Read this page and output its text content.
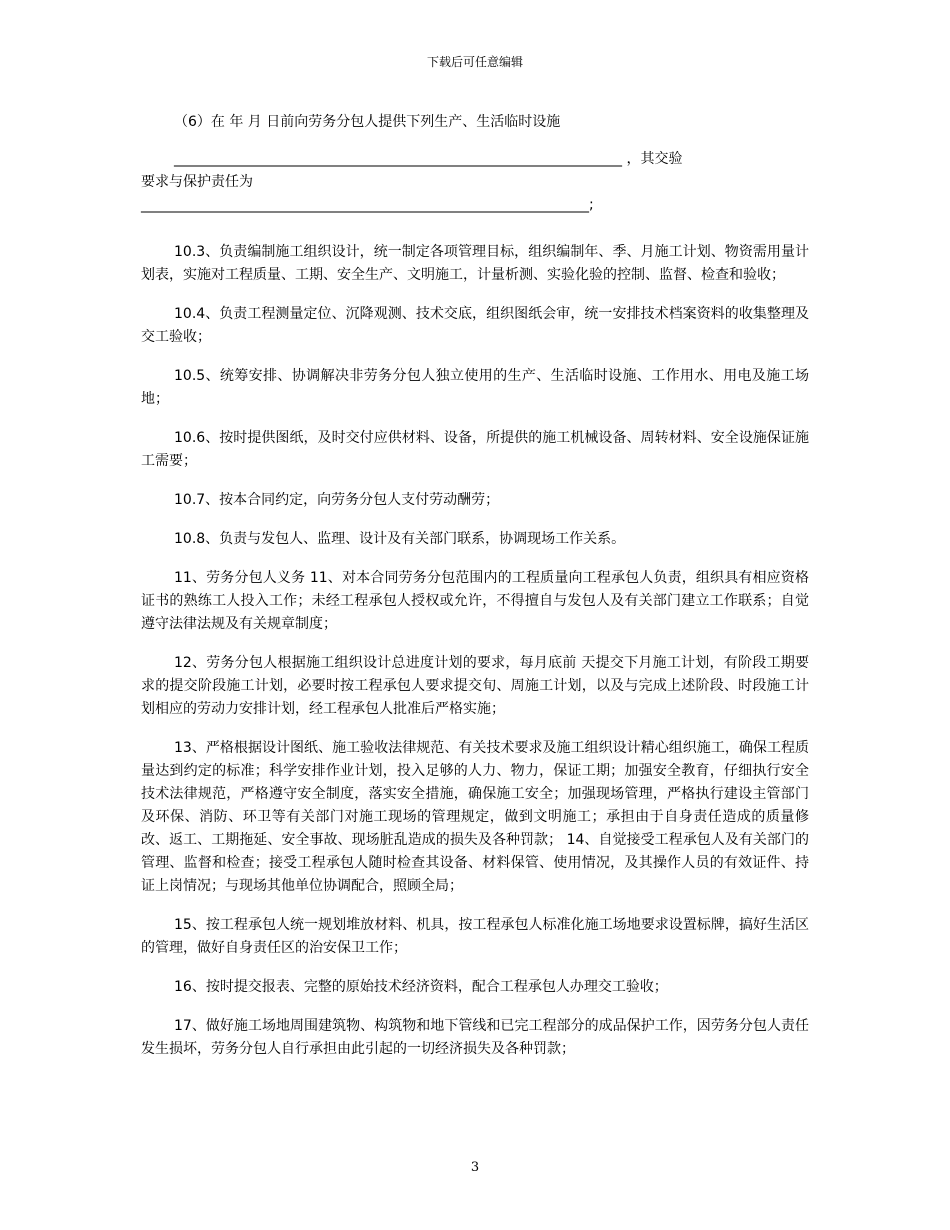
下载后可任意编辑

（6）在 年 月 日前向劳务分包人提供下列生产、生活临时设施

________________________________________________________________ ，其交验

要求与保护责任为

________________________________________________________________;

10.3、负责编制施工组织设计，统一制定各项管理目标，组织编制年、季、月施工计划、物资需用量计划表，实施对工程质量、工期、安全生产、文明施工，计量析测、实验化验的控制、监督、检查和验收；

10.4、负责工程测量定位、沉降观测、技术交底，组织图纸会审，统一安排技术档案资料的收集整理及交工验收；

10.5、统筹安排、协调解决非劳务分包人独立使用的生产、生活临时设施、工作用水、用电及施工场地；

10.6、按时提供图纸，及时交付应供材料、设备，所提供的施工机械设备、周转材料、安全设施保证施工需要；

10.7、按本合同约定，向劳务分包人支付劳动酬劳；

10.8、负责与发包人、监理、设计及有关部门联系，协调现场工作关系。

11、劳务分包人义务 11、对本合同劳务分包范围内的工程质量向工程承包人负责，组织具有相应资格证书的熟练工人投入工作；未经工程承包人授权或允许，不得擅自与发包人及有关部门建立工作联系；自觉遵守法律法规及有关规章制度；

12、劳务分包人根据施工组织设计总进度计划的要求，每月底前 天提交下月施工计划，有阶段工期要求的提交阶段施工计划，必要时按工程承包人要求提交旬、周施工计划，以及与完成上述阶段、时段施工计划相应的劳动力安排计划，经工程承包人批准后严格实施；

13、严格根据设计图纸、施工验收法律规范、有关技术要求及施工组织设计精心组织施工，确保工程质量达到约定的标准；科学安排作业计划，投入足够的人力、物力，保证工期；加强安全教育，仔细执行安全技术法律规范，严格遵守安全制度，落实安全措施，确保施工安全；加强现场管理，严格执行建设主管部门及环保、消防、环卫等有关部门对施工现场的管理规定，做到文明施工；承担由于自身责任造成的质量修改、返工、工期拖延、安全事故、现场脏乱造成的损失及各种罚款； 14、自觉接受工程承包人及有关部门的管理、监督和检查；接受工程承包人随时检查其设备、材料保管、使用情况，及其操作人员的有效证件、持证上岗情况；与现场其他单位协调配合，照顾全局；

15、按工程承包人统一规划堆放材料、机具，按工程承包人标准化施工场地要求设置标牌，搞好生活区的管理，做好自身责任区的治安保卫工作；

16、按时提交报表、完整的原始技术经济资料，配合工程承包人办理交工验收；

17、做好施工场地周围建筑物、构筑物和地下管线和已完工程部分的成品保护工作，因劳务分包人责任发生损坏，劳务分包人自行承担由此引起的一切经济损失及各种罚款；

3
